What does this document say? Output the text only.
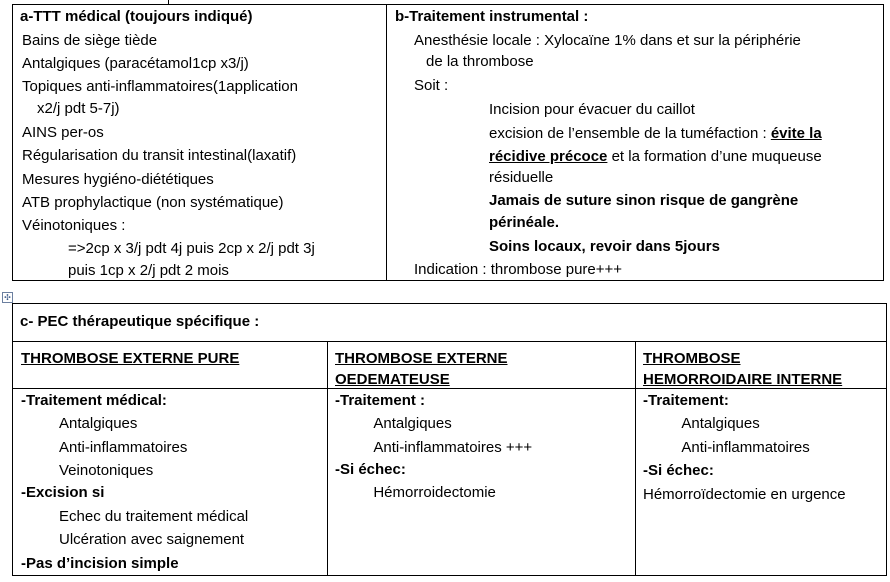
✣
a-TTT médical (toujours indiqué)
Bains de siège tiède
Antalgiques (paracétamol1cp x3/j)
Topiques anti-inflammatoires(1application
x2/j pdt 5-7j)
AINS per-os
Régularisation du transit intestinal(laxatif)
Mesures hygiéno-diététiques
ATB prophylactique (non systématique)
Véinotoniques :
=>2cp x 3/j pdt 4j puis 2cp x 2/j pdt 3j
puis 1cp x 2/j pdt 2 mois
b-Traitement instrumental :
Anesthésie locale : Xylocaïne 1% dans et sur la périphérie
de la thrombose
Soit :
Incision pour évacuer du caillot
excision de l’ensemble de la tuméfaction : évite la
récidive précoce et la formation d’une muqueuse
résiduelle
Jamais de suture sinon risque de gangrène
périnéale.
Soins locaux, revoir dans 5jours
Indication : thrombose pure+++
c- PEC thérapeutique spécifique :
THROMBOSE EXTERNE PURE	THROMBOSE EXTERNE
OEDEMATEUSE
THROMBOSE
HEMORROIDAIRE INTERNE
-Traitement médical:
Antalgiques
Anti-inflammatoires
Veinotoniques
-Excision si
Echec du traitement médical
Ulcération avec saignement
-Pas d’incision simple
-Traitement :
Antalgiques
Anti-inflammatoires +++
-Si échec:
Hémorroidectomie
-Traitement:
Antalgiques
Anti-inflammatoires
-Si échec:
Hémorroïdectomie en urgence
